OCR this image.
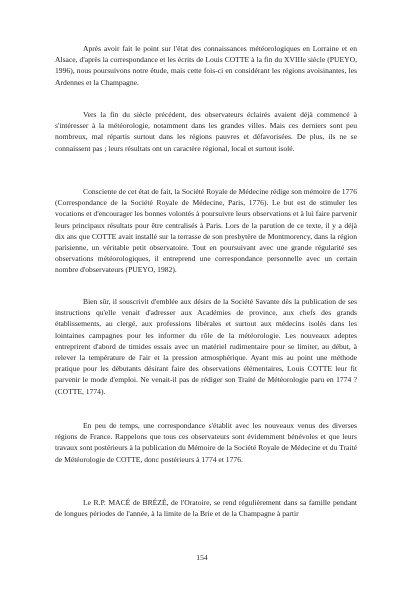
Après avoir fait le point sur l'état des connaissances météorologiques en Lorraine et en Alsace, d'après la correspondance et les écrits de Louis COTTE à la fin du XVIIIe siècle (PUEYO, 1996), nous poursuivons notre étude, mais cette fois-ci en considérant les régions avoisinantes, les Ardennes et la Champagne.

Vers la fin du siècle précédent, des observateurs éclairés avaient déjà commencé à s'intéresser à la météorologie, notamment dans les grandes villes. Mais ces derniers sont peu nombreux, mal répartis surtout dans les régions pauvres et défavorisées. De plus, ils ne se connaissent pas ; leurs résultats ont un caractère régional, local et surtout isolé.

Consciente de cet état de fait, la Société Royale de Médecine rédige son mémoire de 1776 (Correspondance de la Société Royale de Médecine, Paris, 1776). Le but est de stimuler les vocations et d'encourager les bonnes volontés à poursuivre leurs observations et à lui faire parvenir leurs principaux résultats pour être centralisés à Paris. Lors de la parution de ce texte, il y a déjà dix ans que COTTE avait installé sur la terrasse de son presbytère de Montmorency, dans la région parisienne, un véritable petit observatoire. Tout en poursuivant avec une grande régularité ses observations météorologiques, il entreprend une correspondance personnelle avec un certain nombre d'observateurs (PUEYO, 1982).

Bien sûr, il souscrivit d'emblée aux désirs de la Société Savante dès la publication de ses instructions qu'elle venait d'adresser aux Académies de province, aux chefs des grands établissements, au clergé, aux professions libérales et surtout aux médecins isolés dans les lointaines campagnes pour les informer du rôle de la météorologie. Les nouveaux adeptes entreprirent d'abord de timides essais avec un matériel rudimentaire pour se limiter, au début, à relever la température de l'air et la pression atmosphérique. Ayant mis au point une méthode pratique pour les débutants désirant faire des observations élémentaires, Louis COTTE leur fit parvenir le mode d'emploi. Ne venait-il pas de rédiger son Traité de Météorologie paru en 1774 ? (COTTE, 1774).

En peu de temps, une correspondance s'établit avec les nouveaux venus des diverses régions de France. Rappelons que tous ces observateurs sont évidemment bénévoles et que leurs travaux sont postérieurs à la publication du Mémoire de la Société Royale de Médecine et du Traité de Météorologie de COTTE, donc postérieurs à 1774 et 1776.

Le R.P. MACÉ de BRÉZÉ, de l'Oratoire, se rend régulièrement dans sa famille pendant de longues périodes de l'année, à la limite de la Brie et de la Champagne à partir

154
